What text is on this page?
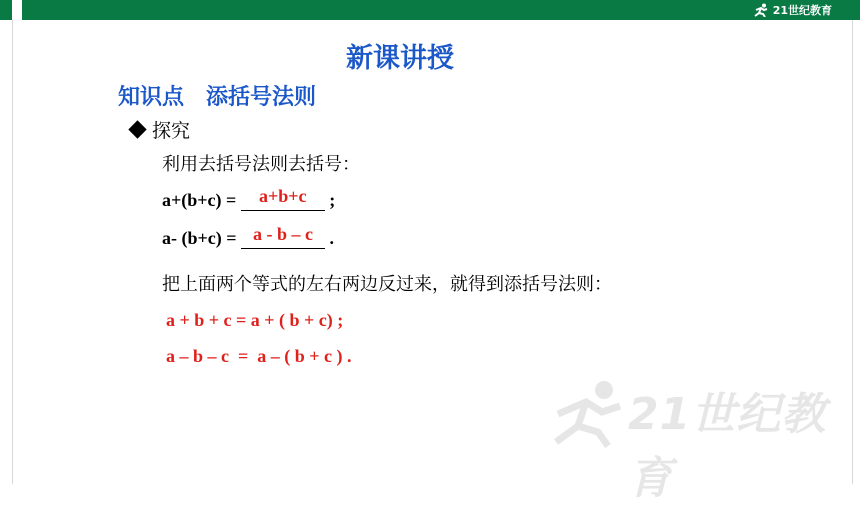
21世纪教育
新课讲授
知识点　添括号法则
探究
利用去括号法则去括号：
a+(b+c) =	a+b+c	;
a- (b+c) = a - b – c .
把上面两个等式的左右两边反过来，就得到添括号法则：
a + b + c = a + ( b + c) ;
a – b – c  =  a – ( b + c ) .
21世纪教育
